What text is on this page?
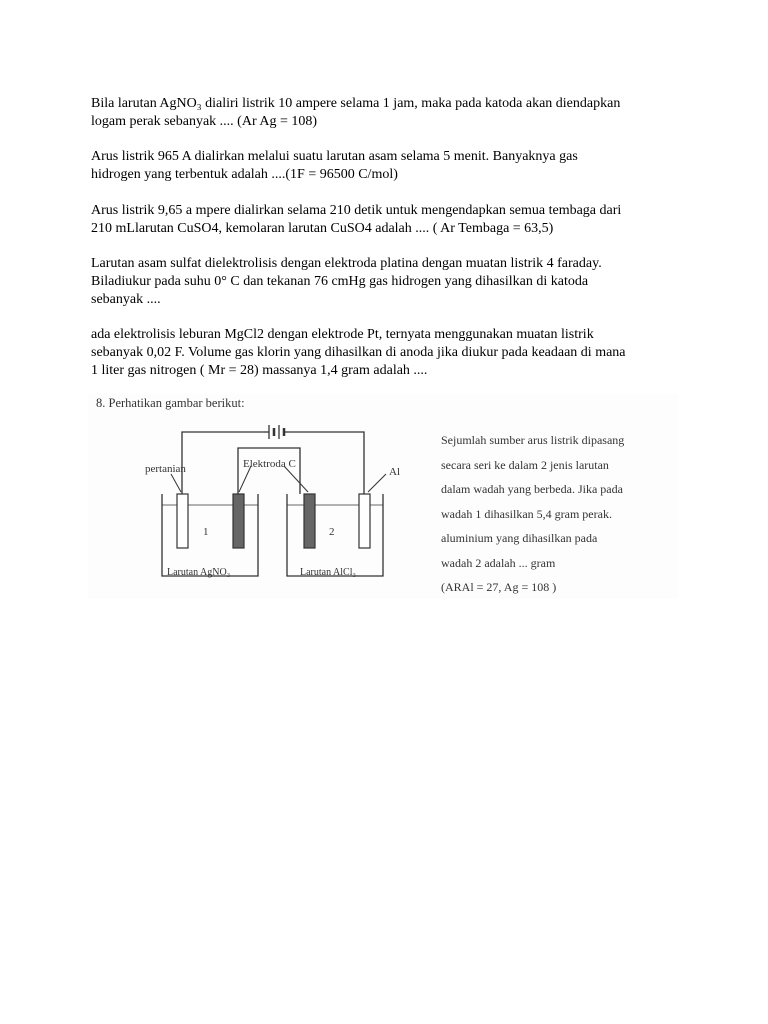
Bila larutan AgNO₃ dialiri listrik 10 ampere selama 1 jam, maka pada katoda akan diendapkan
logam perak sebanyak .... (Ar Ag = 108)
Arus listrik 965 A dialirkan melalui suatu larutan asam selama 5 menit. Banyaknya gas
hidrogen yang terbentuk adalah ....(1F = 96500 C/mol)
Arus listrik 9,65 a mpere dialirkan selama 210 detik untuk mengendapkan semua tembaga dari
210 mLlarutan CuSO4, kemolaran larutan CuSO4 adalah .... ( Ar Tembaga = 63,5)
Larutan asam sulfat dielektrolisis dengan elektroda platina dengan muatan listrik 4 faraday.
Biladiukur pada suhu 0° C dan tekanan 76 cmHg gas hidrogen yang dihasilkan di katoda
sebanyak ....
ada elektrolisis leburan MgCl2 dengan elektrode Pt, ternyata menggunakan muatan listrik
sebanyak 0,02 F. Volume gas klorin yang dihasilkan di anoda jika diukur pada keadaan di mana
1 liter gas nitrogen ( Mr = 28) massanya 1,4 gram adalah ....
8. Perhatikan gambar berikut:
pertanian	Elektroda C
Al
1	2
Larutan AgNO₃	Larutan AlCl₃
Sejumlah sumber arus listrik dipasang
secara seri ke dalam 2 jenis larutan
dalam wadah yang berbeda. Jika pada
wadah 1 dihasilkan 5,4 gram perak.
aluminium yang dihasilkan pada
wadah 2 adalah ... gram
(ARAl = 27, Ag = 108 )
